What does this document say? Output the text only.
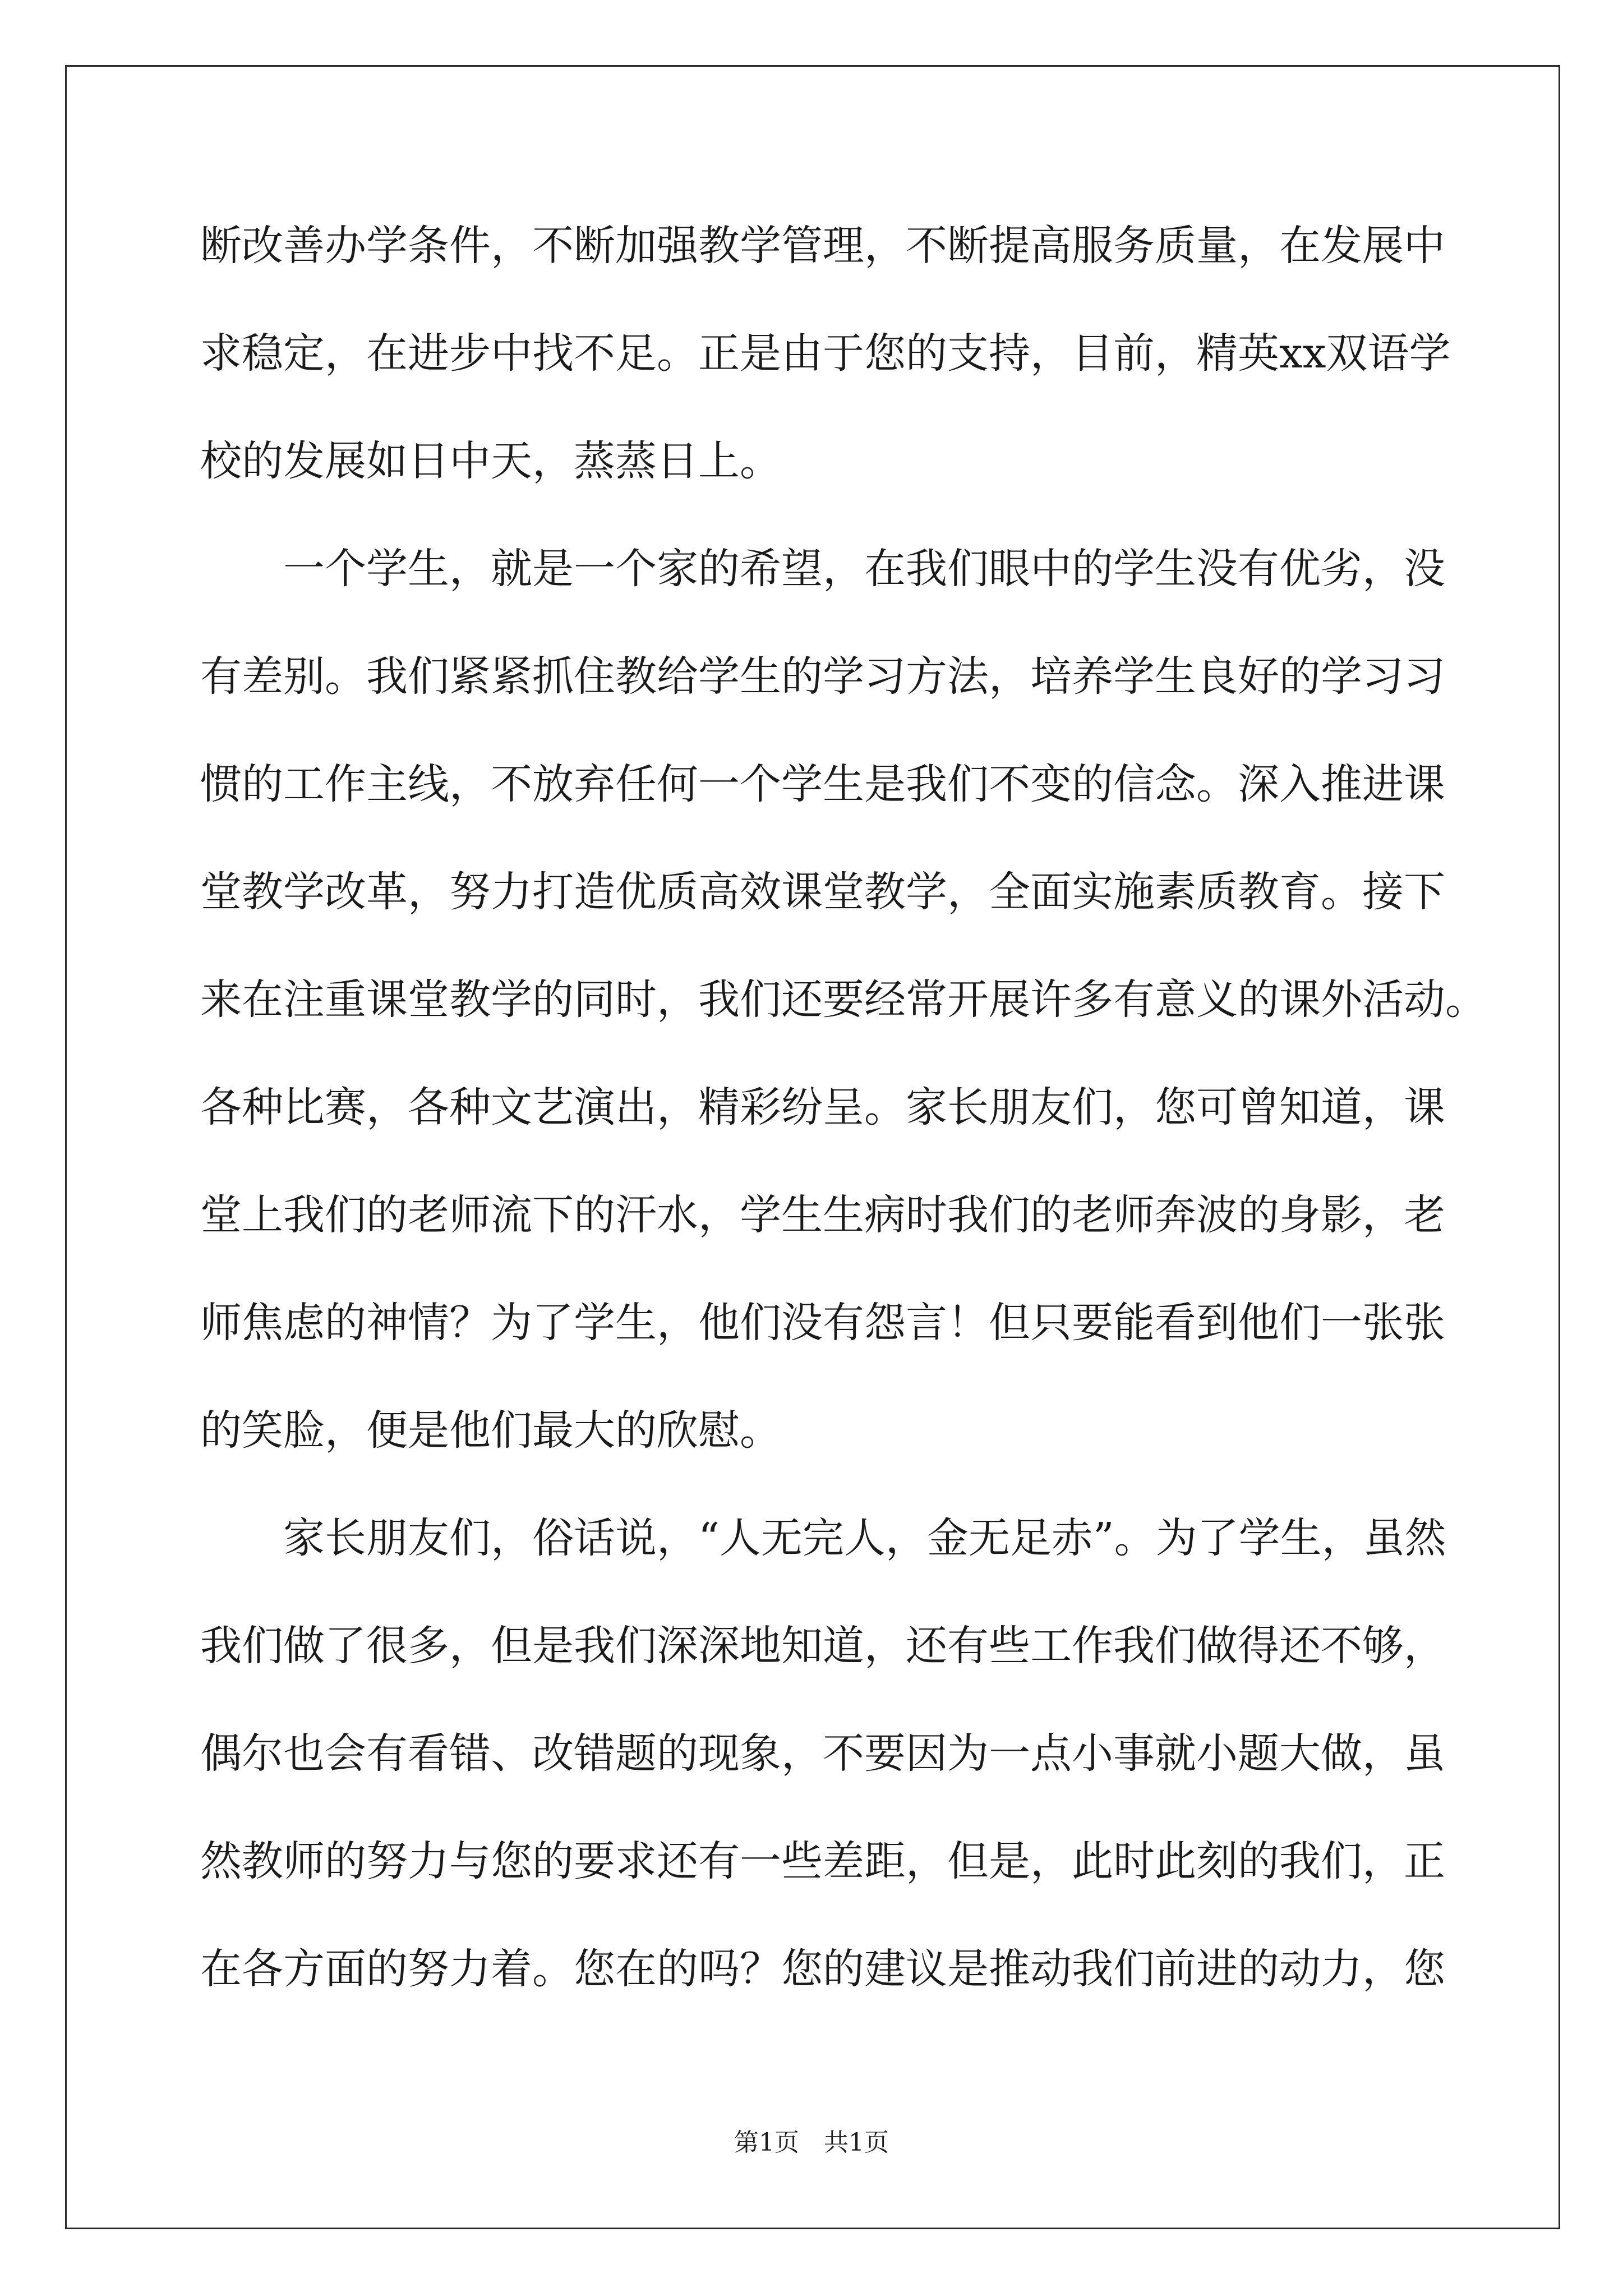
断改善办学条件，不断加强教学管理，不断提高服务质量，在发展中
求稳定，在进步中找不足。正是由于您的支持，目前，精英xx双语学
校的发展如日中天，蒸蒸日上。
　　一个学生，就是一个家的希望，在我们眼中的学生没有优劣，没
有差别。我们紧紧抓住教给学生的学习方法，培养学生良好的学习习
惯的工作主线，不放弃任何一个学生是我们不变的信念。深入推进课
堂教学改革，努力打造优质高效课堂教学，全面实施素质教育。接下
来在注重课堂教学的同时，我们还要经常开展许多有意义的课外活动。
各种比赛，各种文艺演出，精彩纷呈。家长朋友们，您可曾知道，课
堂上我们的老师流下的汗水，学生生病时我们的老师奔波的身影，老
师焦虑的神情？为了学生，他们没有怨言！但只要能看到他们一张张
的笑脸，便是他们最大的欣慰。
　　家长朋友们，俗话说，“人无完人，金无足赤”。为了学生，虽然
我们做了很多，但是我们深深地知道，还有些工作我们做得还不够，
偶尔也会有看错、改错题的现象，不要因为一点小事就小题大做，虽
然教师的努力与您的要求还有一些差距，但是，此时此刻的我们，正
在各方面的努力着。您在的吗？您的建议是推动我们前进的动力，您
第1页　共1页
